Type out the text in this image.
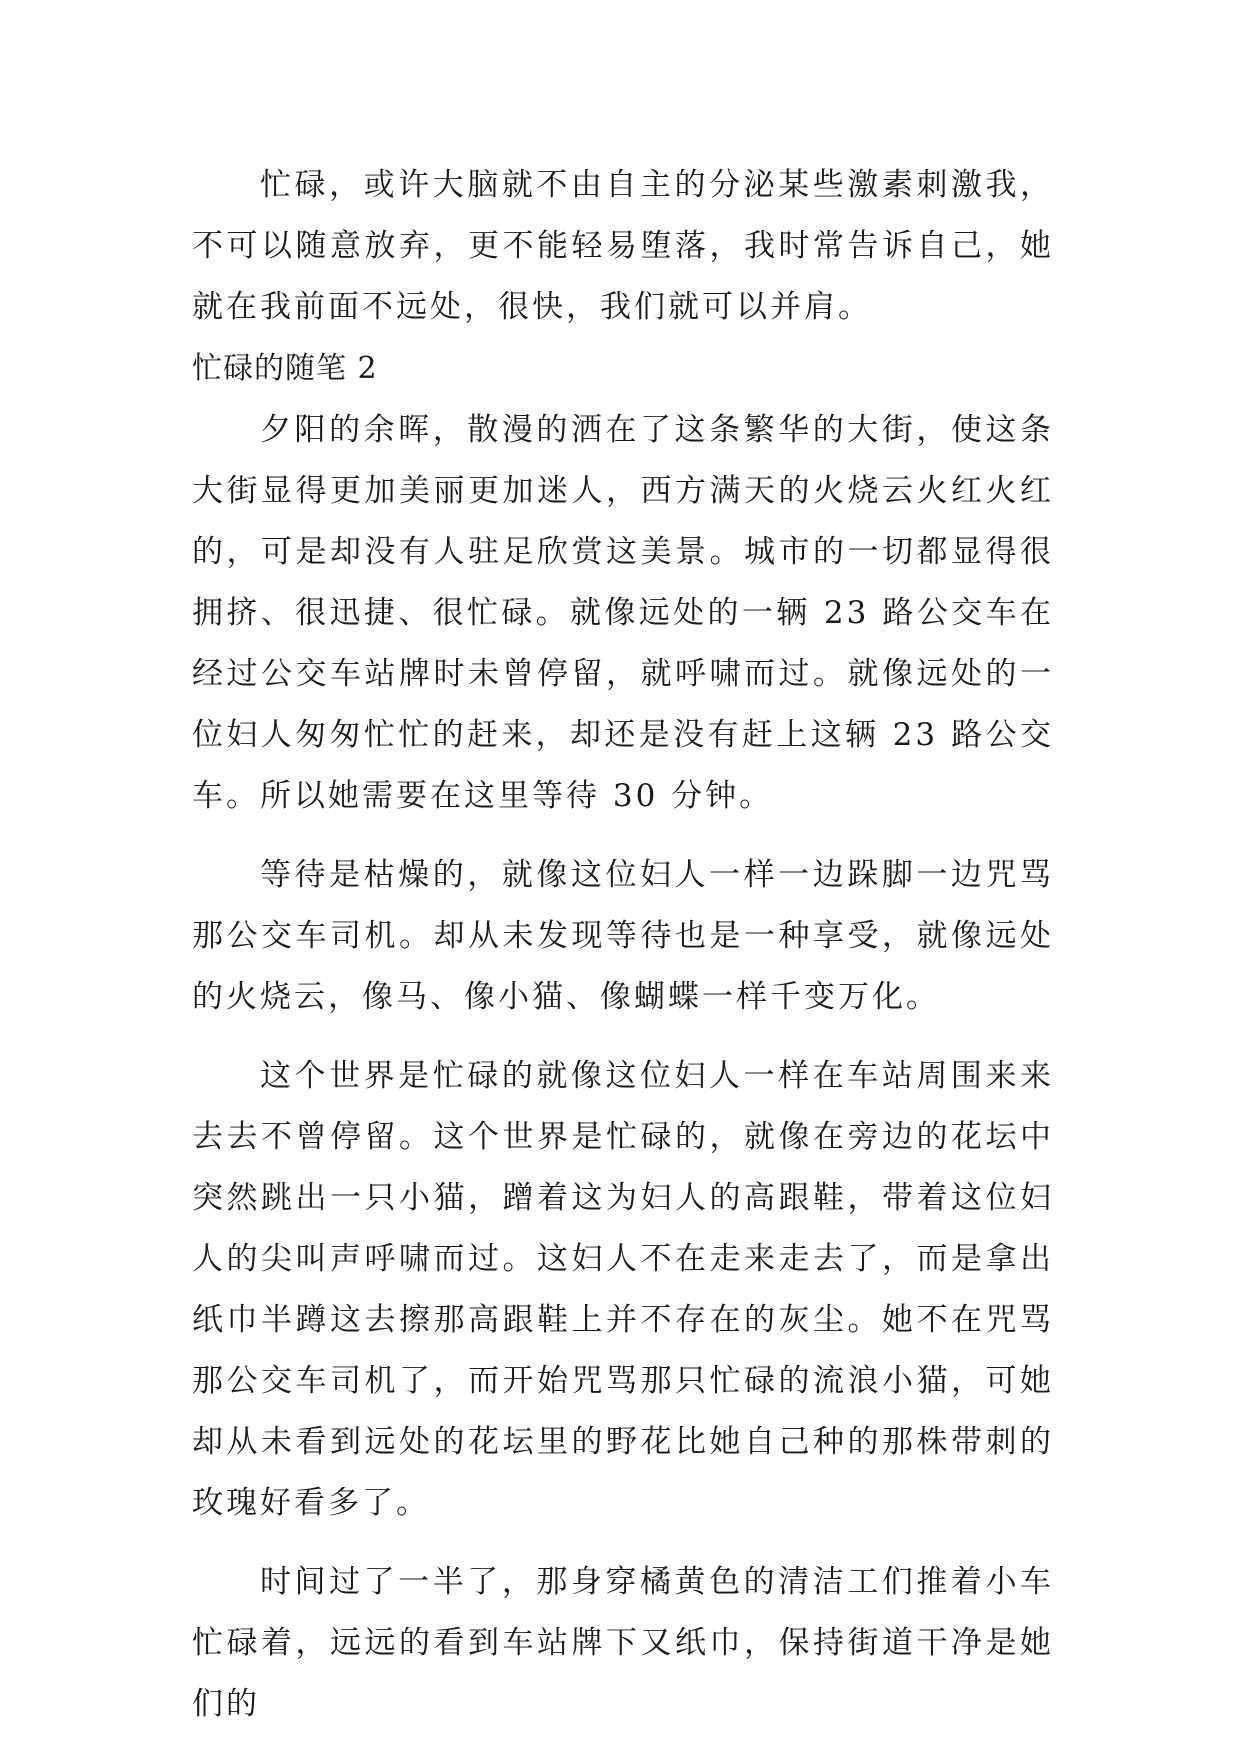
忙碌，或许大脑就不由自主的分泌某些激素刺激我，不可以随意放弃，更不能轻易堕落，我时常告诉自己，她就在我前面不远处，很快，我们就可以并肩。

忙碌的随笔 2

夕阳的余晖，散漫的洒在了这条繁华的大街，使这条大街显得更加美丽更加迷人，西方满天的火烧云火红火红的，可是却没有人驻足欣赏这美景。城市的一切都显得很拥挤、很迅捷、很忙碌。就像远处的一辆 23 路公交车在经过公交车站牌时未曾停留，就呼啸而过。就像远处的一位妇人匆匆忙忙的赶来，却还是没有赶上这辆 23 路公交车。所以她需要在这里等待 30 分钟。

等待是枯燥的，就像这位妇人一样一边跺脚一边咒骂那公交车司机。却从未发现等待也是一种享受，就像远处的火烧云，像马、像小猫、像蝴蝶一样千变万化。

这个世界是忙碌的就像这位妇人一样在车站周围来来去去不曾停留。这个世界是忙碌的，就像在旁边的花坛中突然跳出一只小猫，蹭着这为妇人的高跟鞋，带着这位妇人的尖叫声呼啸而过。这妇人不在走来走去了，而是拿出纸巾半蹲这去擦那高跟鞋上并不存在的灰尘。她不在咒骂那公交车司机了，而开始咒骂那只忙碌的流浪小猫，可她却从未看到远处的花坛里的野花比她自己种的那株带刺的玫瑰好看多了。

时间过了一半了，那身穿橘黄色的清洁工们推着小车忙碌着，远远的看到车站牌下又纸巾，保持街道干净是她们的
